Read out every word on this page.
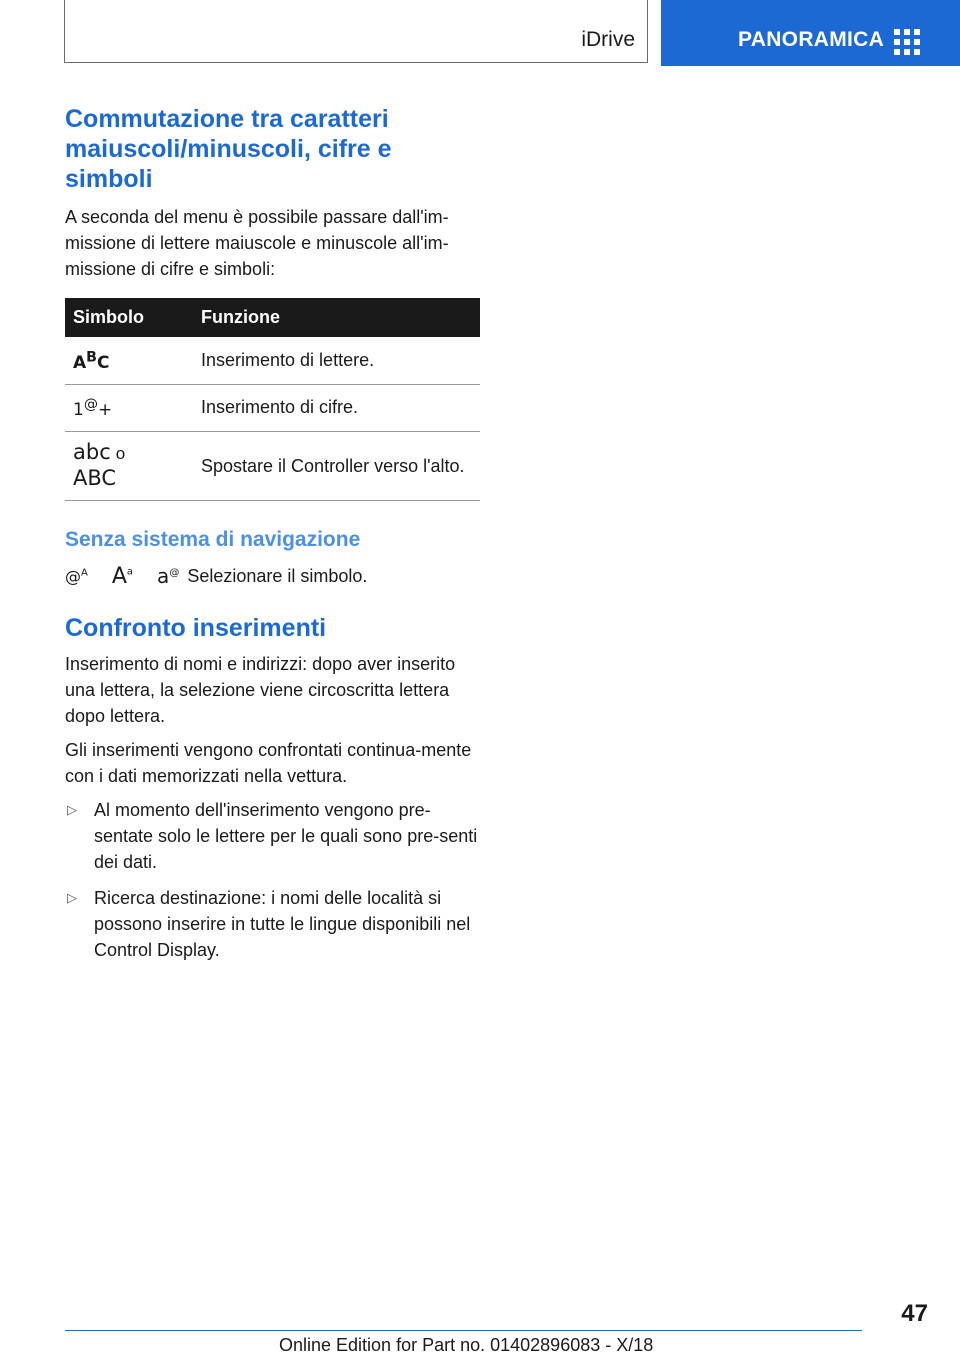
iDrive	PANORAMICA
Commutazione tra caratteri maiuscoli/minuscoli, cifre e simboli

A seconda del menu è possibile passare dall'im-missione di lettere maiuscole e minuscole all'im-missione di cifre e simboli:

Simbolo	Funzione
$A^BC$	Inserimento di lettere.
1@+	Inserimento di cifre.
abc o
ABC	Spostare il Controller verso l'alto.
Senza sistema di navigazione
@$^A$ $A^a$ a@ Selezionare il simbolo.
Confronto inserimenti

Inserimento di nomi e indirizzi: dopo aver inserito una lettera, la selezione viene circoscritta lettera dopo lettera.

Gli inserimenti vengono confrontati continua-mente con i dati memorizzati nella vettura.

▷ Al momento dell'inserimento vengono pre-sentate solo le lettere per le quali sono pre-senti dei dati.
▷ Ricerca destinazione: i nomi delle località si possono inserire in tutte le lingue disponibili nel Control Display.
47
Online Edition for Part no. 01402896083 - X/18
